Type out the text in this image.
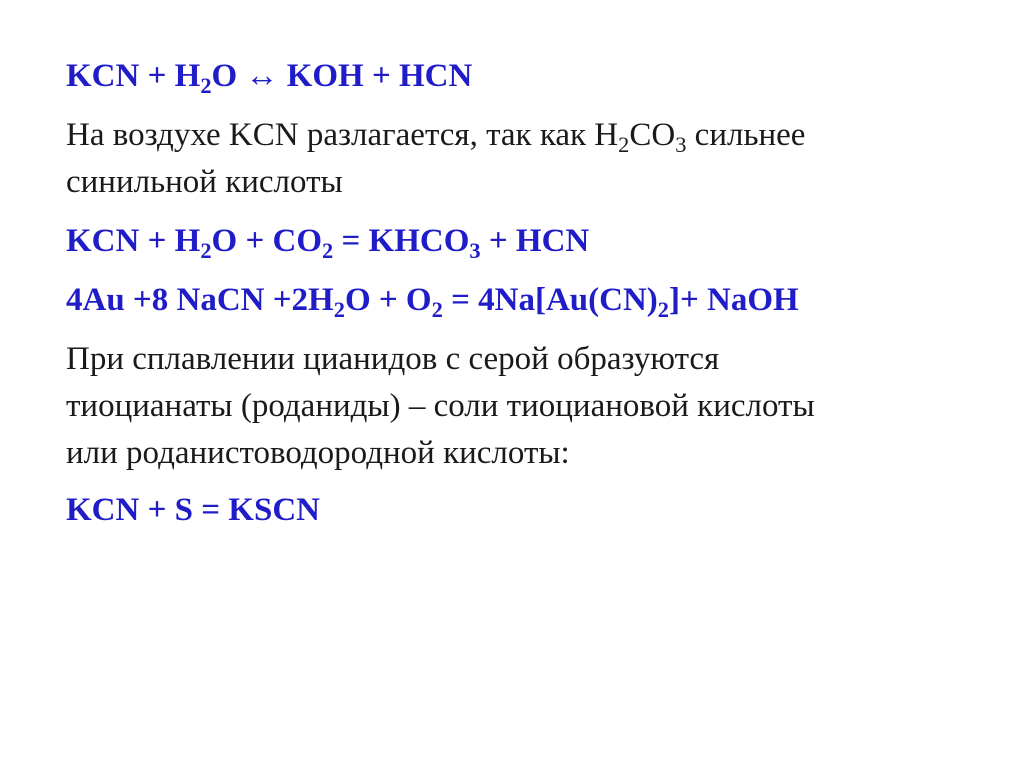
KCN + $H_2O$ ↔ KOH + HCN
На воздухе KCN разлагается, так как $H_2CO_3$ сильнее
синильной кислоты
KCN + $H_2O + CO_2$ = $KHCO_3$ + HCN
4Au +8 NaCN $+2H_2O + O_2 = 4Na[Au(CN)_2]+$ NaOH
При сплавлении цианидов с серой образуются
тиоцианаты (роданиды) – соли тиоциановой кислоты
или роданистоводородной кислоты:
KCN + S = KSCN
